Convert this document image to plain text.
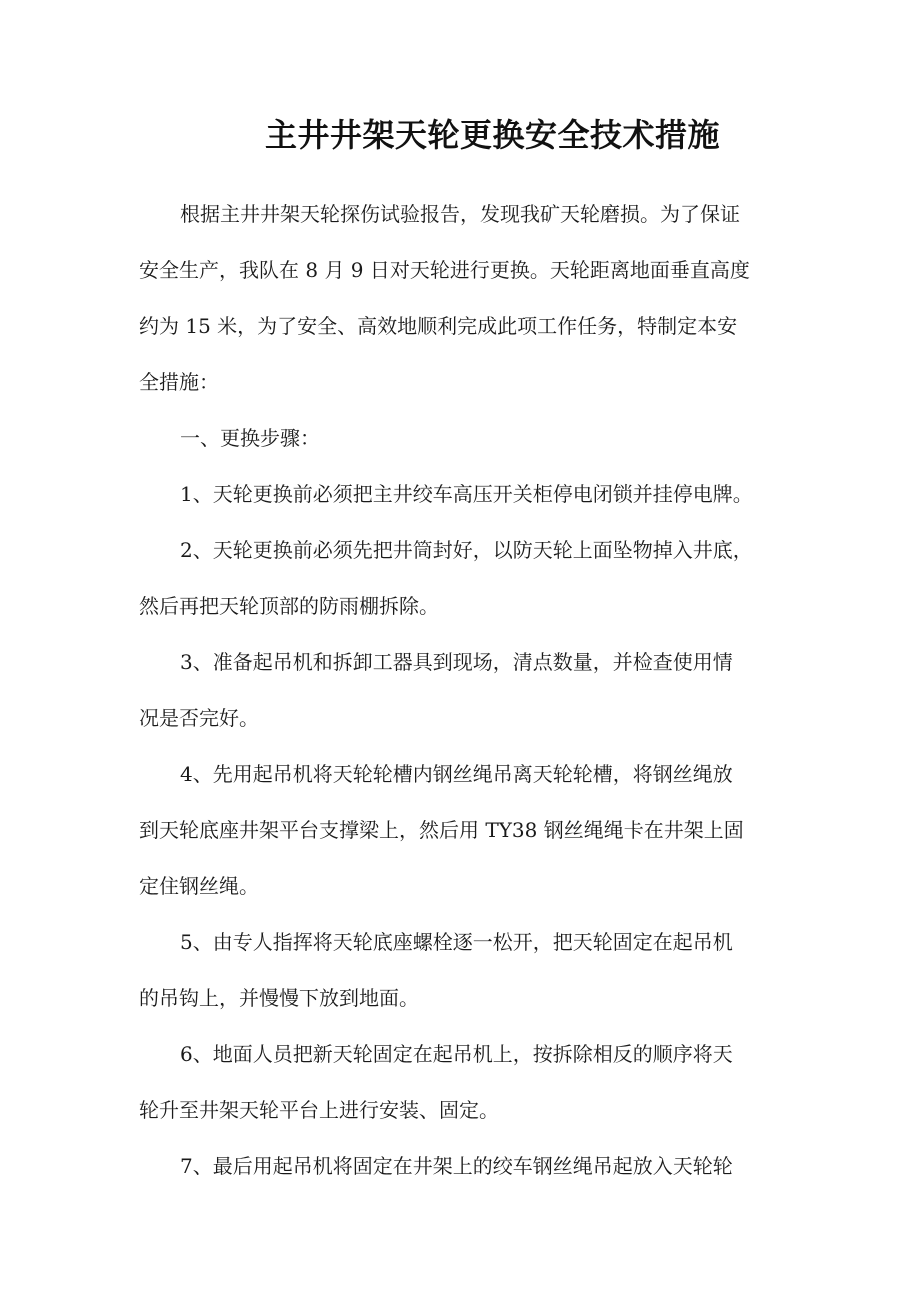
主井井架天轮更换安全技术措施
根据主井井架天轮探伤试验报告，发现我矿天轮磨损。为了保证
安全生产，我队在 8 月 9 日对天轮进行更换。天轮距离地面垂直高度
约为 15 米，为了安全、高效地顺利完成此项工作任务，特制定本安
全措施：
一、更换步骤：
1、天轮更换前必须把主井绞车高压开关柜停电闭锁并挂停电牌。
2、天轮更换前必须先把井筒封好，以防天轮上面坠物掉入井底，
然后再把天轮顶部的防雨棚拆除。
3、准备起吊机和拆卸工器具到现场，清点数量，并检查使用情
况是否完好。
4、先用起吊机将天轮轮槽内钢丝绳吊离天轮轮槽，将钢丝绳放
到天轮底座井架平台支撑梁上，然后用 TY38 钢丝绳绳卡在井架上固
定住钢丝绳。
5、由专人指挥将天轮底座螺栓逐一松开，把天轮固定在起吊机
的吊钩上，并慢慢下放到地面。
6、地面人员把新天轮固定在起吊机上，按拆除相反的顺序将天
轮升至井架天轮平台上进行安装、固定。
7、最后用起吊机将固定在井架上的绞车钢丝绳吊起放入天轮轮
